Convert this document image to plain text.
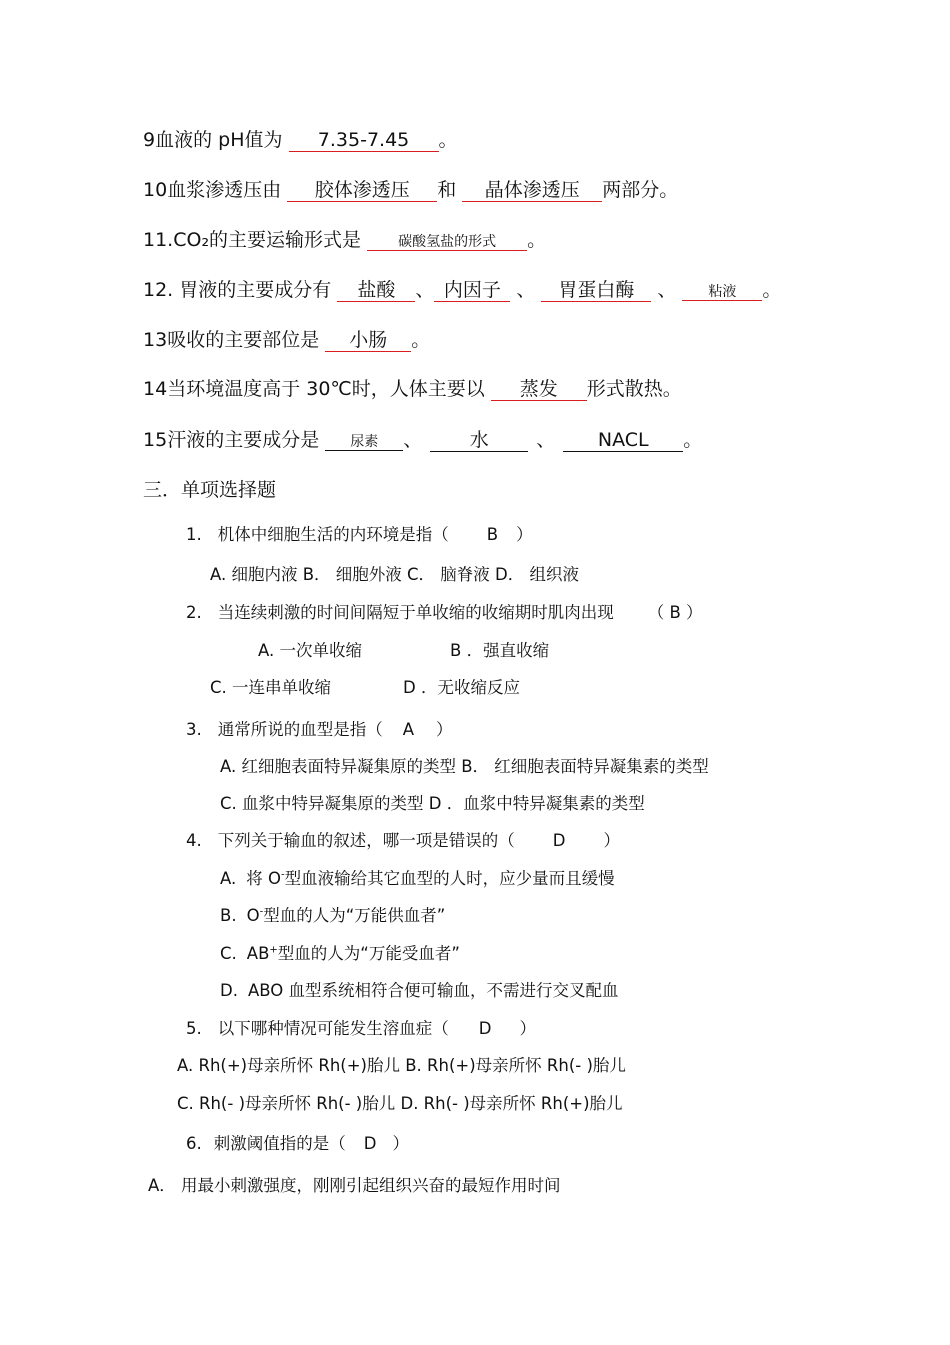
9血液的 pH值为 7.35-7.45 。
10血浆渗透压由 胶体渗透压 和 晶体渗透压 两部分。
11.CO₂的主要运输形式是	碳酸氢盐的形式 。
12. 胃液的主要成分有 盐酸 、 内因子 、 胃蛋白酶 、 粘液 。
13吸收的主要部位是 小肠 。
14当环境温度高于 30℃时，人体主要以 蒸发 形式散热。
15汗液的主要成分是 尿素 、 水	、 NACL 。
三．单项选择题
1. 机体中细胞生活的内环境是指（ B ）
A. 细胞内液 B． 细胞外液 C． 脑脊液 D． 组织液
2. 当连续刺激的时间间隔短于单收缩的收缩期时肌肉出现 （ B ）
A. 一次单收缩	B ．强直收缩
C. 一连串单收缩	D ．无收缩反应
3. 通常所说的血型是指（ A ）
A. 红细胞表面特异凝集原的类型 B． 红细胞表面特异凝集素的类型
C. 血浆中特异凝集原的类型 D ．血浆中特异凝集素的类型
4. 下列关于输血的叙述，哪一项是错误的（ D ）
A. 将 O-型血液输给其它血型的人时，应少量而且缓慢
B. O-型血的人为“万能供血者”
C. AB+型血的人为“万能受血者”
D. ABO 血型系统相符合便可输血，不需进行交叉配血
5. 以下哪种情况可能发生溶血症（ D ）
A. Rh(+)母亲所怀 Rh(+)胎儿 B. Rh(+)母亲所怀 Rh(- )胎儿
C. Rh(- )母亲所怀 Rh(- )胎儿 D. Rh(- )母亲所怀 Rh(+)胎儿
6. 刺激阈值指的是（ D ）
A． 用最小刺激强度，刚刚引起组织兴奋的最短作用时间
